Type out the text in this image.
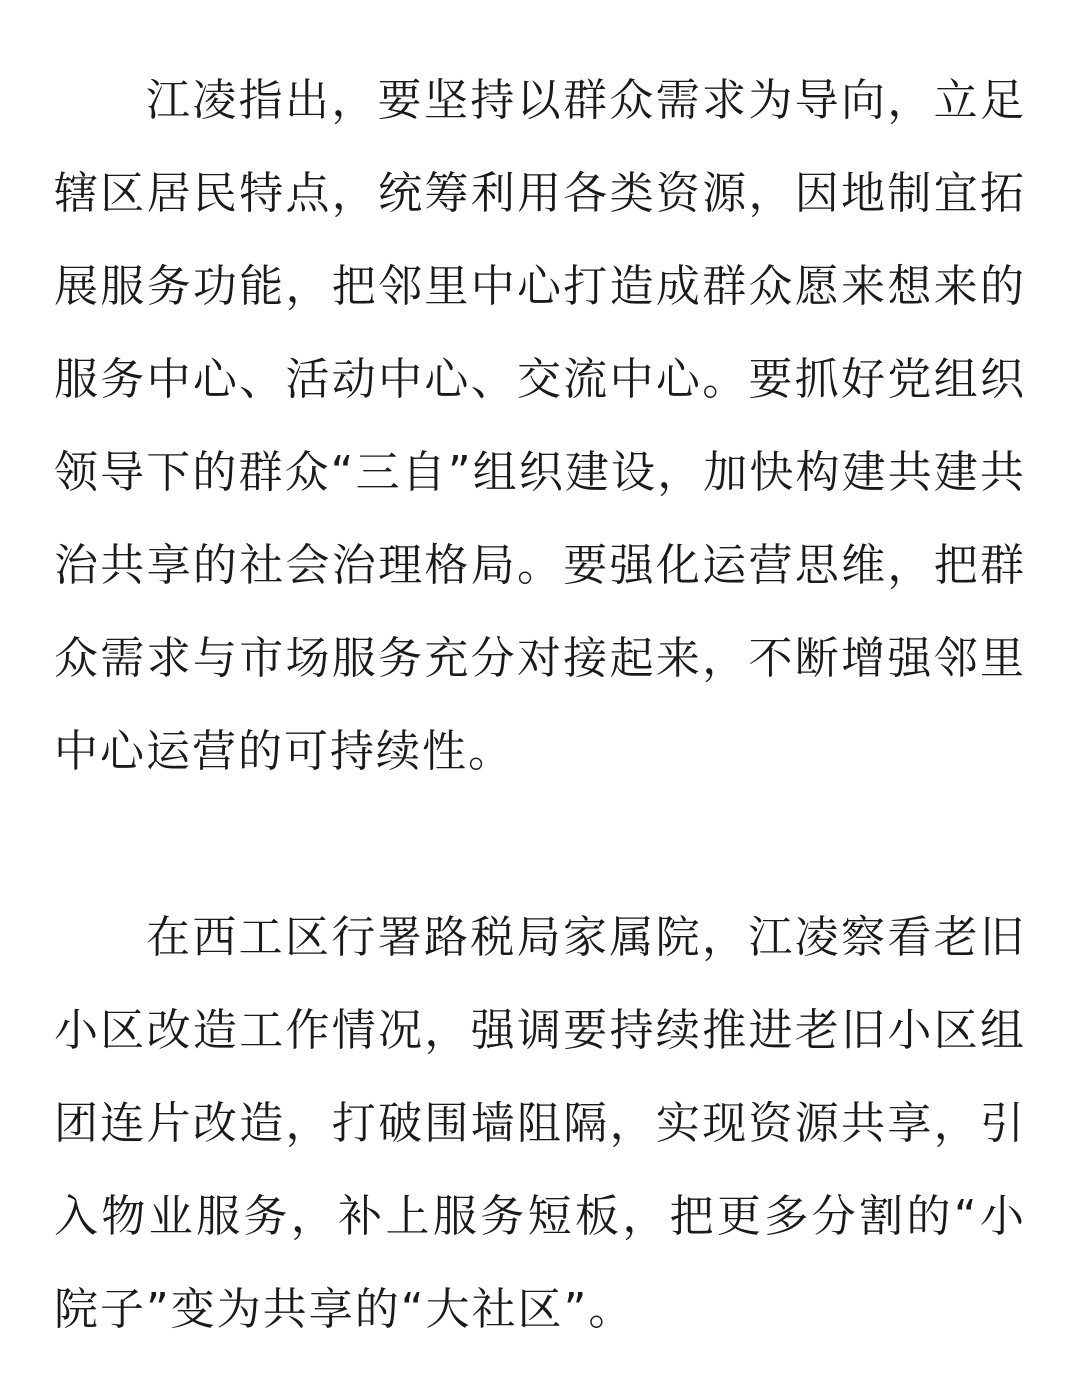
江凌指出，要坚持以群众需求为导向，立足辖区居民特点，统筹利用各类资源，因地制宜拓展服务功能，把邻里中心打造成群众愿来想来的服务中心、活动中心、交流中心。要抓好党组织领导下的群众“三自”组织建设，加快构建共建共治共享的社会治理格局。要强化运营思维，把群众需求与市场服务充分对接起来，不断增强邻里中心运营的可持续性。

在西工区行署路税局家属院，江凌察看老旧小区改造工作情况，强调要持续推进老旧小区组团连片改造，打破围墙阻隔，实现资源共享，引入物业服务，补上服务短板，把更多分割的“小院子”变为共享的“大社区”。
